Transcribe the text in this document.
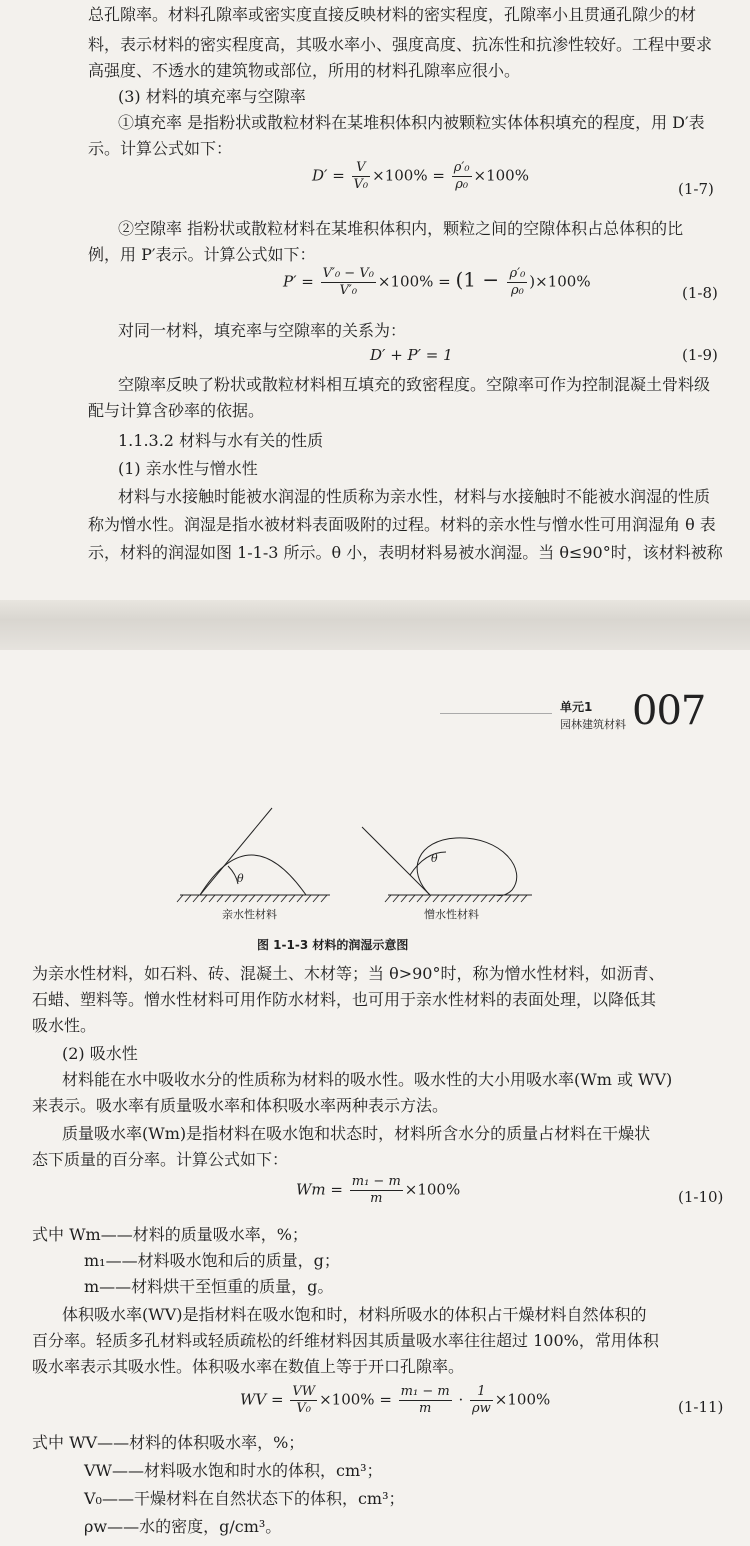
总孔隙率。材料孔隙率或密实度直接反映材料的密实程度，孔隙率小且贯通孔隙少的材

料，表示材料的密实程度高，其吸水率小、强度高度、抗冻性和抗渗性较好。工程中要求

高强度、不透水的建筑物或部位，所用的材料孔隙率应很小。

(3) 材料的填充率与空隙率

①填充率 是指粉状或散粒材料在某堆积体积内被颗粒实体体积填充的程度，用 D′表

示。计算公式如下：

$D' = \frac{V}{\text{V₀}} \times 100\% = \frac{\text{ρ′₀}}{\text{ρ₀}} \times 100\%$
(1-7)

②空隙率 指粉状或散粒材料在某堆积体积内，颗粒之间的空隙体积占总体积的比

例，用 P′表示。计算公式如下：

$P' = \frac{\text{V′₀ − V₀}}{\text{V′₀}} \times 100\% = (1 - \frac{\text{ρ′₀}}{\text{ρ₀}} )\times 100\%$
(1-8)

对同一材料，填充率与空隙率的关系为：

D′ + P′ = 1	(1-9)

空隙率反映了粉状或散粒材料相互填充的致密程度。空隙率可作为控制混凝土骨料级

配与计算含砂率的依据。

1.1.3.2 材料与水有关的性质

(1) 亲水性与憎水性

材料与水接触时能被水润湿的性质称为亲水性，材料与水接触时不能被水润湿的性质

称为憎水性。润湿是指水被材料表面吸附的过程。材料的亲水性与憎水性可用润湿角 θ 表

示，材料的润湿如图 1-1-3 所示。θ 小，表明材料易被水润湿。当 θ≤90°时，该材料被称

单元1
园林建筑材料 007
θ
θ
亲水性材料	憎水性材料
图 1-1-3 材料的润湿示意图

为亲水性材料，如石料、砖、混凝土、木材等；当 θ>90°时，称为憎水性材料，如沥青、

石蜡、塑料等。憎水性材料可用作防水材料，也可用于亲水性材料的表面处理，以降低其

吸水性。

(2) 吸水性

材料能在水中吸收水分的性质称为材料的吸水性。吸水性的大小用吸水率(Wm 或 WV)

来表示。吸水率有质量吸水率和体积吸水率两种表示方法。

质量吸水率(Wm)是指材料在吸水饱和状态时，材料所含水分的质量占材料在干燥状

态下质量的百分率。计算公式如下：

$Wm = \frac{\text{m₁ − m}}{m} \times 100\%$	(1-10)

式中 Wm——材料的质量吸水率，%；

m₁——材料吸水饱和后的质量，g；

m——材料烘干至恒重的质量，g。

体积吸水率(WV)是指材料在吸水饱和时，材料所吸水的体积占干燥材料自然体积的

百分率。轻质多孔材料或轻质疏松的纤维材料因其质量吸水率往往超过 100%，常用体积

吸水率表示其吸水性。体积吸水率在数值上等于开口孔隙率。

WV = $\frac{VW}{\text{V₀}} \times 100\% = \frac{\text{m₁ − m}}{m} \cdot \frac{1}{\rho w} \times 100\%$	(1-11)

式中 WV——材料的体积吸水率，%；

VW——材料吸水饱和时水的体积，cm³；

V₀——干燥材料在自然状态下的体积，cm³；

ρw——水的密度，g/cm³。
